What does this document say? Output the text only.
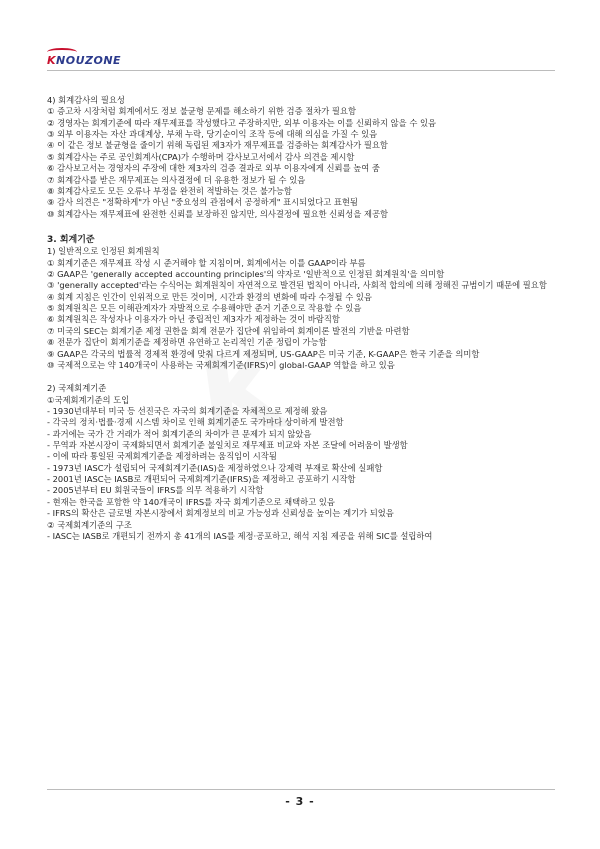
KNOUZONE
4) 회계감사의 필요성
① 증고차 시장처럼 회계에서도 정보 불균형 문제를 해소하기 위한 검증 절차가 필요함
② 경영자는 회계기준에 따라 재무제표를 작성했다고 주장하지만, 외부 이용자는 이를 신뢰하지 않을 수 있음
③ 외부 이용자는 자산 과대계상, 부채 누락, 당기순이익 조작 등에 대해 의심을 가질 수 있음
④ 이 같은 정보 불균형을 줄이기 위해 독립된 제3자가 재무제표를 검증하는 회계감사가 필요함
⑤ 회계감사는 주로 공인회계사(CPA)가 수행하며 감사보고서에서 감사 의견을 제시함
⑥ 감사보고서는 경영자의 주장에 대한 제3자의 검증 결과로 외부 이용자에게 신뢰를 높여 줌
⑦ 회계감사를 받은 재무제표는 의사결정에 더 유용한 정보가 될 수 있음
⑧ 회계감사로도 모든 오류나 부정을 완전히 적발하는 것은 불가능함
⑨ 감사 의견은 "정확하게"가 아닌 "중요성의 관점에서 공정하게" 표시되었다고 표현됨
⑩ 회계감사는 재무제표에 완전한 신뢰를 보장하진 않지만, 의사결정에 필요한 신뢰성을 제공함
3. 회계기준
1) 일반적으로 인정된 회계원칙
① 회계기준은 재무제표 작성 시 준거해야 할 지침이며, 회계에서는 이를 GAAP이라 부름
② GAAP은 'generally accepted accounting principles'의 약자로 '일반적으로 인정된 회계원칙'을 의미함
③ 'generally accepted'라는 수식어는 회계원칙이 자연적으로 발견된 법칙이 아니라, 사회적 합의에 의해 정해진 규범이기 때문에 필요함
④ 회계 지침은 인간이 인위적으로 만든 것이며, 시간과 환경의 변화에 따라 수정될 수 있음
⑤ 회계원칙은 모든 이해관계자가 자발적으로 수용해야만 준거 기준으로 작용할 수 있음
⑥ 회계원칙은 작성자나 이용자가 아닌 중립적인 제3자가 제정하는 것이 바람직함
⑦ 미국의 SEC는 회계기준 제정 권한을 회계 전문가 집단에 위임하여 회계이론 발전의 기반을 마련함
⑧ 전문가 집단이 회계기준을 제정하면 유연하고 논리적인 기준 정립이 가능함
⑨ GAAP은 각국의 법률적 경제적 환경에 맞춰 다르게 제정되며, US-GAAP은 미국 기준, K-GAAP은 한국 기준을 의미함
⑩ 국제적으로는 약 140개국이 사용하는 국제회계기준(IFRS)이 global-GAAP 역할을 하고 있음
2) 국제회계기준
①국제회계기준의 도입
- 1930년대부터 미국 등 선진국은 자국의 회계기준을 자체적으로 제정해 왔음
- 각국의 정치·법률·경제 시스템 차이로 인해 회계기준도 국가마다 상이하게 발전함
- 과거에는 국가 간 거래가 적어 회계기준의 차이가 큰 문제가 되지 않았음
- 무역과 자본시장이 국제화되면서 회계기준 불일치로 재무제표 비교와 자본 조달에 어려움이 발생함
- 이에 따라 통일된 국제회계기준을 제정하려는 움직임이 시작됨
- 1973년 IASC가 설립되어 국제회계기준(IAS)을 제정하였으나 강제력 부재로 확산에 실패함
- 2001년 IASC는 IASB로 개편되어 국제회계기준(IFRS)을 제정하고 공포하기 시작함
- 2005년부터 EU 회원국들이 IFRS를 의무 적용하기 시작함
- 현재는 한국을 포함한 약 140개국이 IFRS를 자국 회계기준으로 채택하고 있음
- IFRS의 확산은 글로벌 자본시장에서 회계정보의 비교 가능성과 신뢰성을 높이는 계기가 되었음
② 국제회계기준의 구조
- IASC는 IASB로 개편되기 전까지 총 41개의 IAS를 제정·공포하고, 해석 지침 제공을 위해 SIC를 설립하여
- 3 -
